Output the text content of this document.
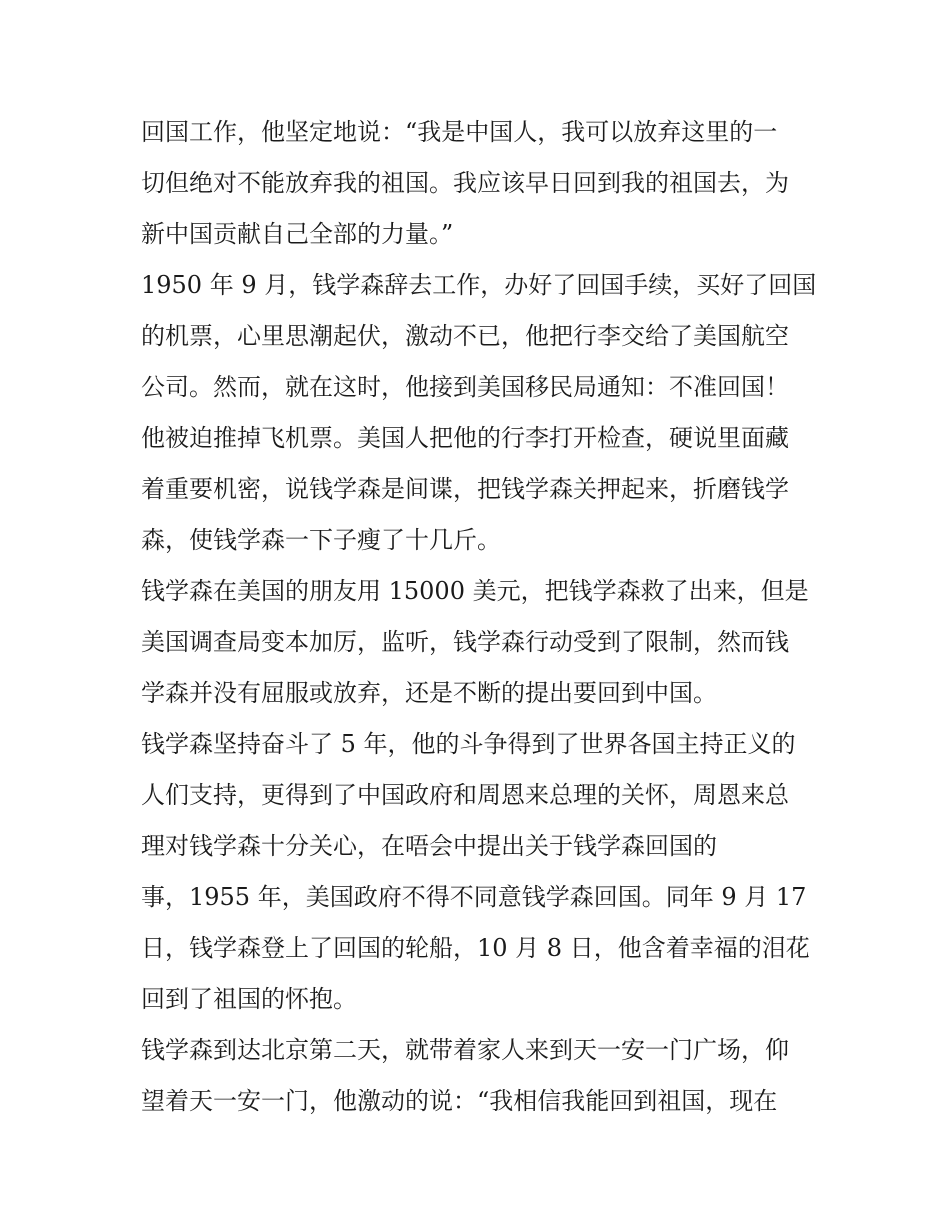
回国工作，他坚定地说：“我是中国人，我可以放弃这里的一
切但绝对不能放弃我的祖国。我应该早日回到我的祖国去，为
新中国贡献自己全部的力量。”
1950 年 9 月，钱学森辞去工作，办好了回国手续，买好了回国
的机票，心里思潮起伏，激动不已，他把行李交给了美国航空
公司。然而，就在这时，他接到美国移民局通知：不准回国！
他被迫推掉飞机票。美国人把他的行李打开检查，硬说里面藏
着重要机密，说钱学森是间谍，把钱学森关押起来，折磨钱学
森，使钱学森一下子瘦了十几斤。
钱学森在美国的朋友用 15000 美元，把钱学森救了出来，但是
美国调查局变本加厉，监听，钱学森行动受到了限制，然而钱
学森并没有屈服或放弃，还是不断的提出要回到中国。
钱学森坚持奋斗了 5 年，他的斗争得到了世界各国主持正义的
人们支持，更得到了中国政府和周恩来总理的关怀，周恩来总
理对钱学森十分关心，在唔会中提出关于钱学森回国的
事，1955 年，美国政府不得不同意钱学森回国。同年 9 月 17
日，钱学森登上了回国的轮船，10 月 8 日，他含着幸福的泪花
回到了祖国的怀抱。
钱学森到达北京第二天，就带着家人来到天一安一门广场，仰
望着天一安一门，他激动的说：“我相信我能回到祖国，现在
